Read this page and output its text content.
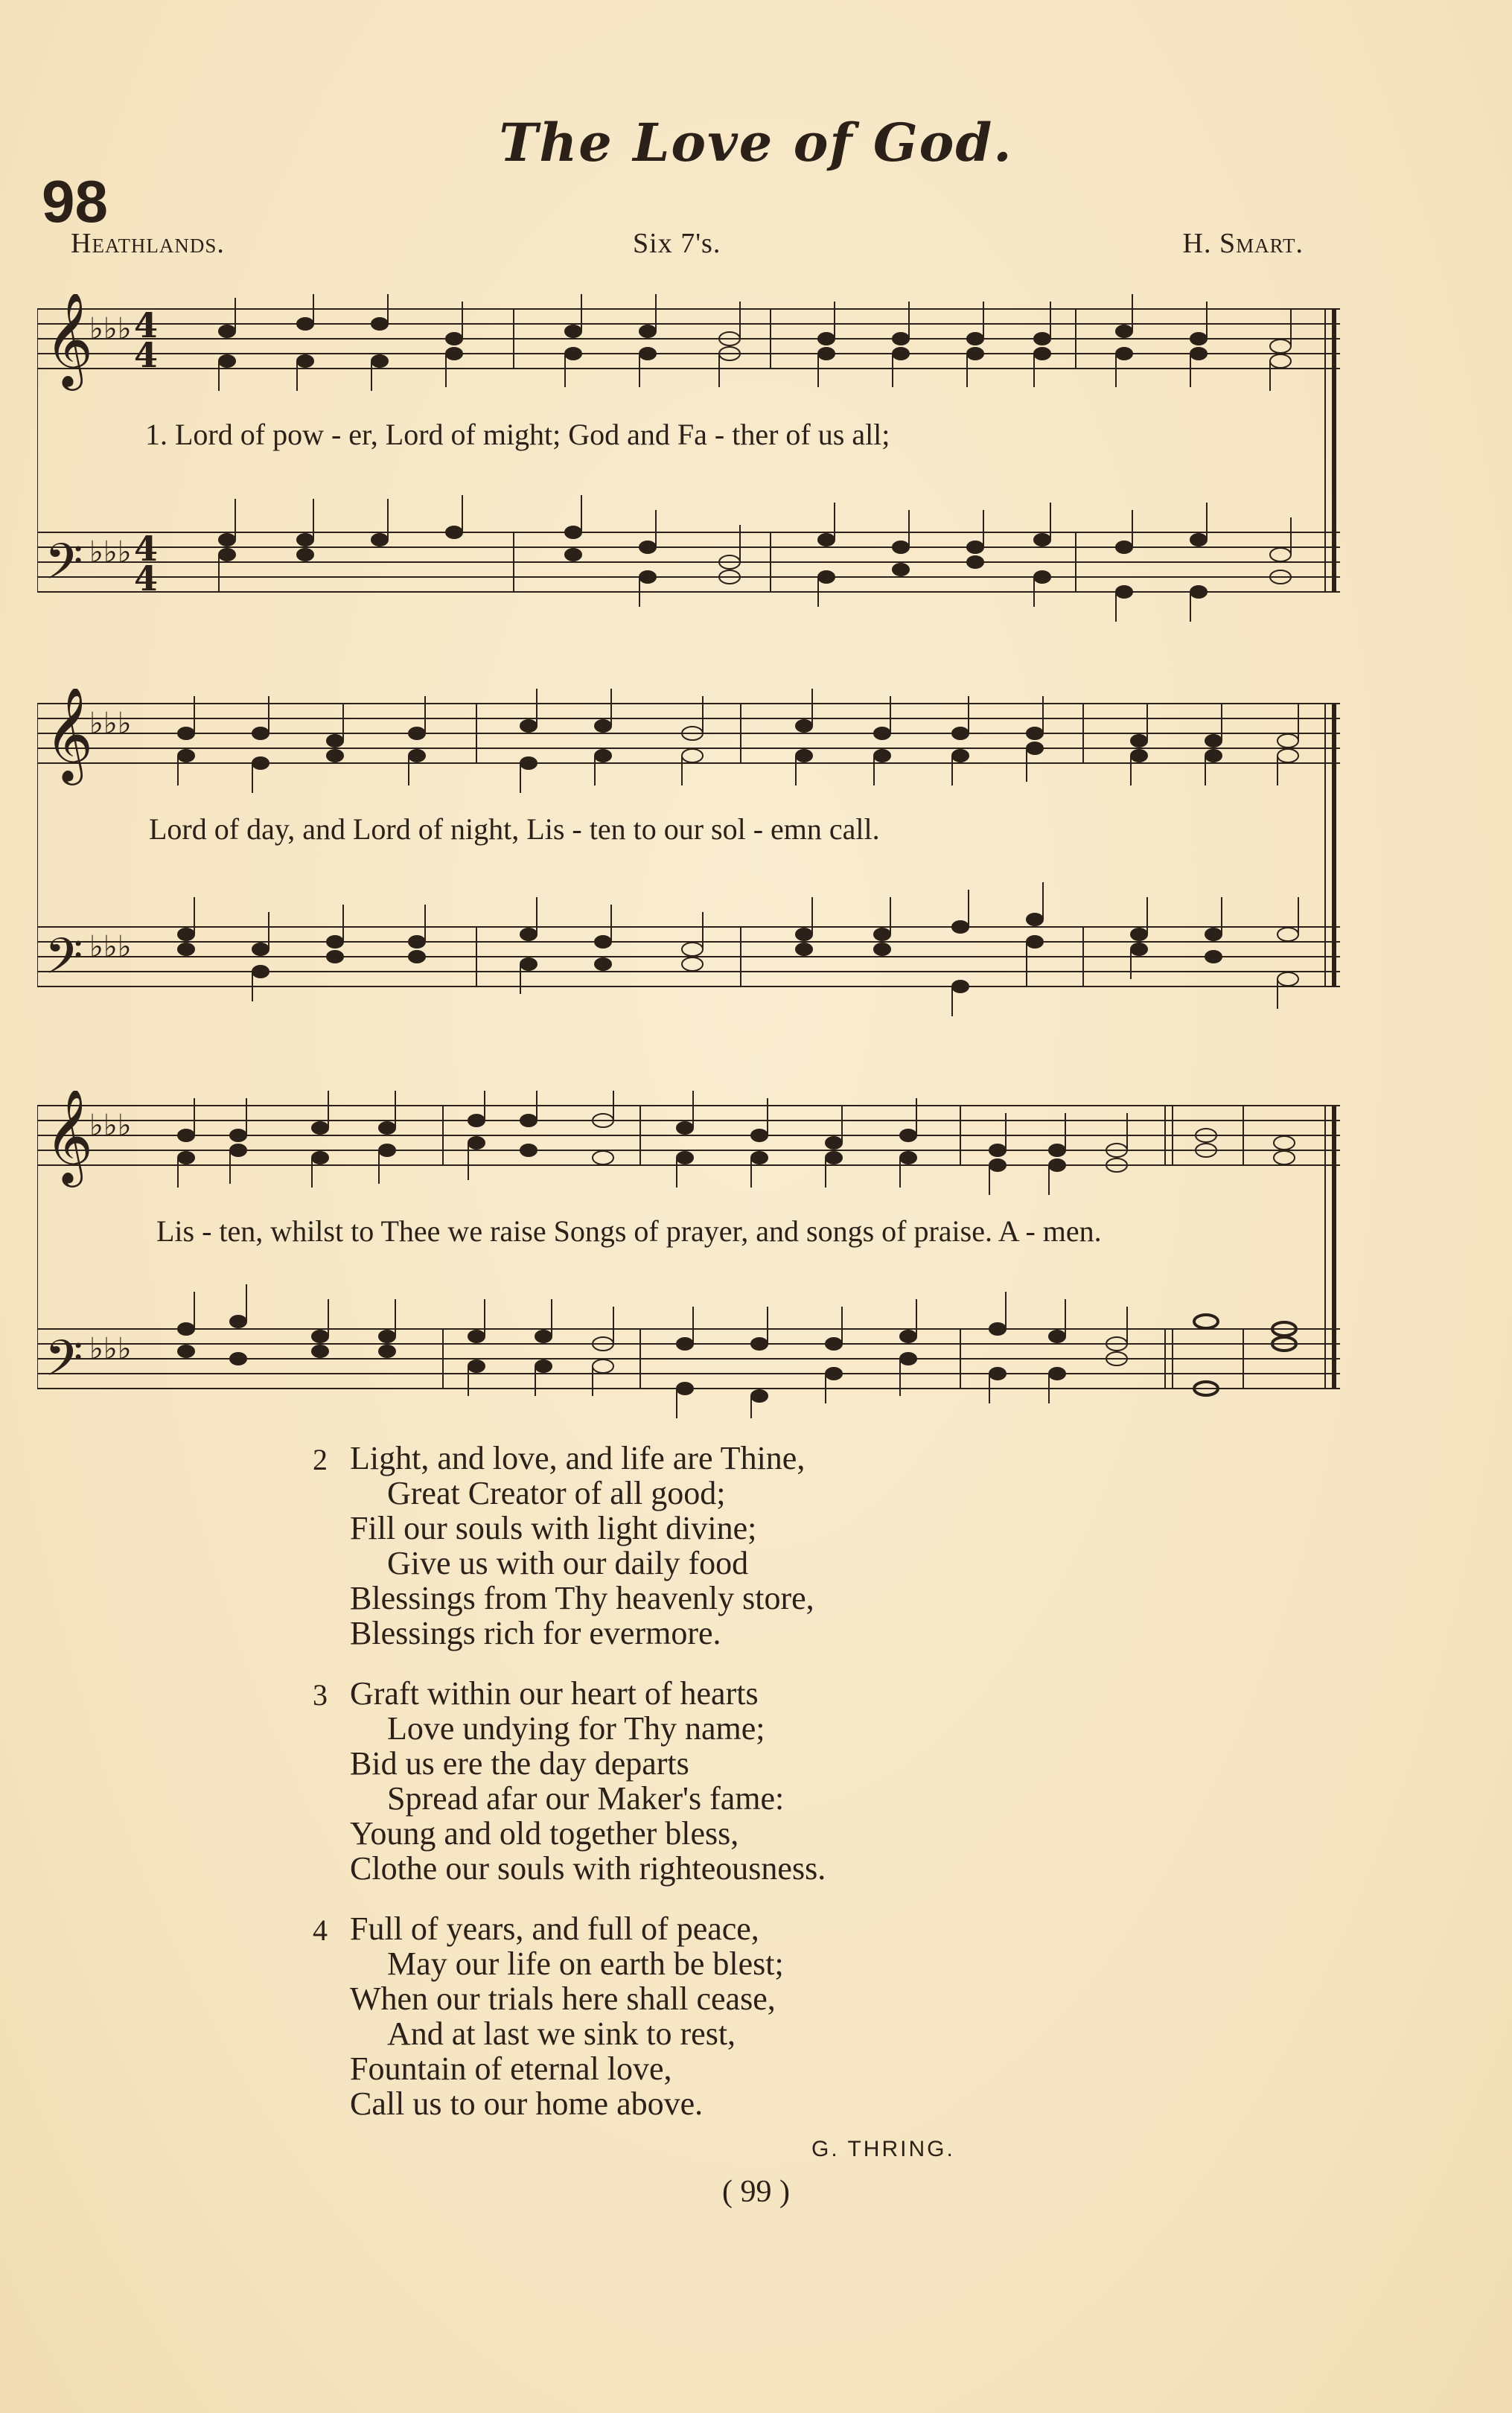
The Love of God.
98
Heathlands.	Six 7's.	H. Smart.
𝄞
𝄢
♭♭♭
♭♭♭
4
4
4
4
1. Lord of pow - er, Lord of might; God and Fa - ther of us all;
𝄞
𝄢
♭♭♭
♭♭♭
Lord of day, and Lord of night, Lis - ten to our sol - emn call.
𝄞
𝄢
♭♭♭
♭♭♭
Lis - ten, whilst to Thee we raise Songs of prayer, and songs of praise. A - men.
2 Light, and love, and life are Thine,
Great Creator of all good;
Fill our souls with light divine;
Give us with our daily food
Blessings from Thy heavenly store,
Blessings rich for evermore.
3 Graft within our heart of hearts
Love undying for Thy name;
Bid us ere the day departs
Spread afar our Maker's fame:
Young and old together bless,
Clothe our souls with righteousness.
4 Full of years, and full of peace,
May our life on earth be blest;
When our trials here shall cease,
And at last we sink to rest,
Fountain of eternal love,
Call us to our home above.
G. THRING.
( 99 )
